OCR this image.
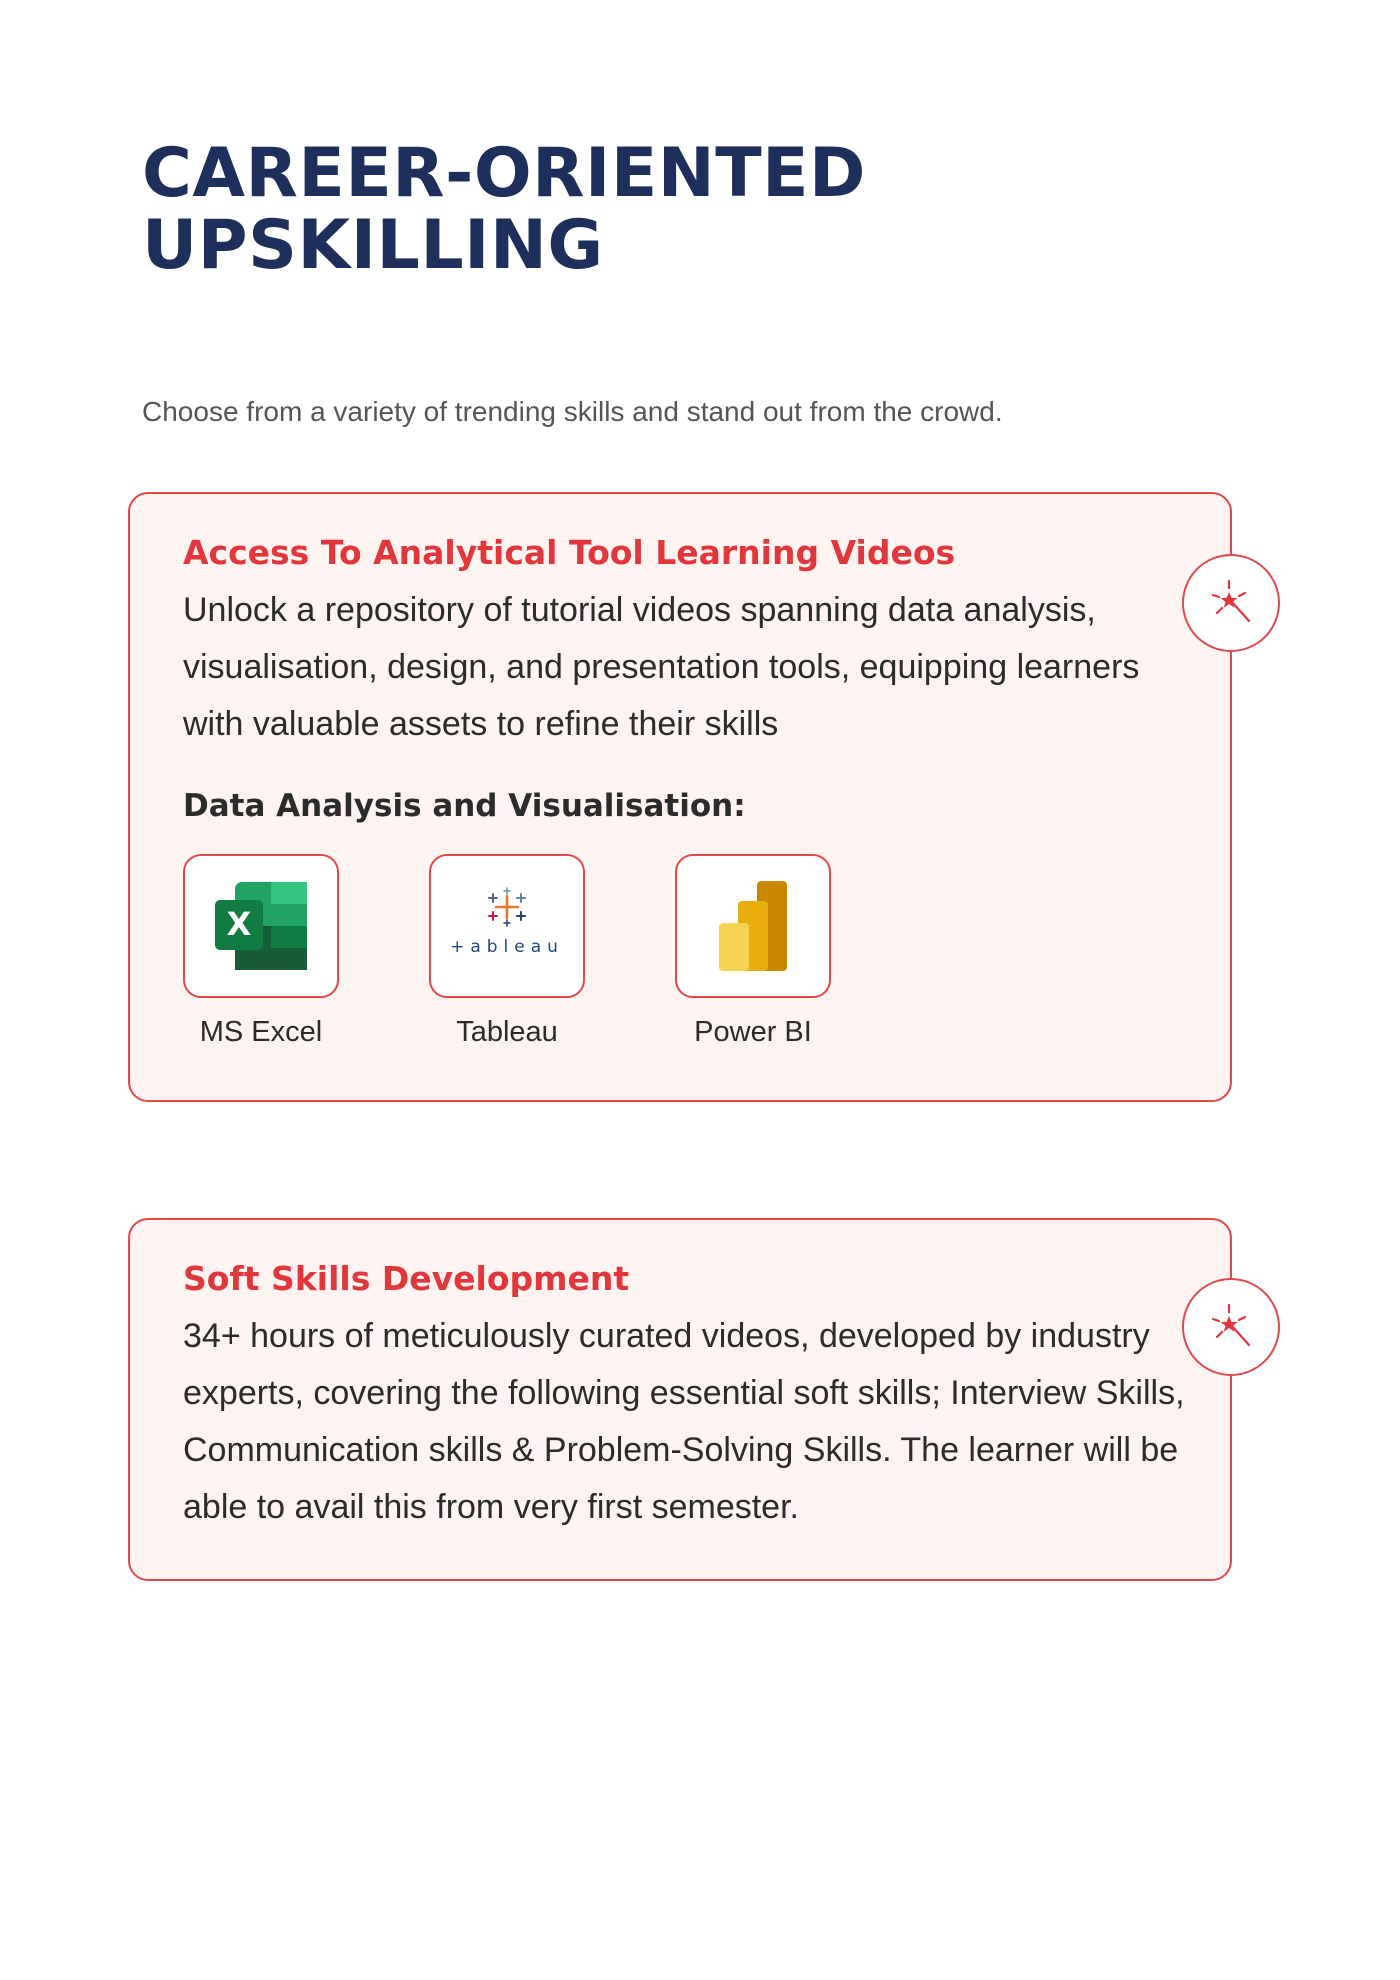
CAREER-ORIENTED
UPSKILLING

Choose from a variety of trending skills and stand out from the crowd.

Access To Analytical Tool Learning Videos

Unlock a repository of tutorial videos spanning data analysis, visualisation, design, and presentation tools, equipping learners with valuable assets to refine their skills

Data Analysis and Visualisation:
X
MS Excel
+ableau
Tableau	Power BI
Soft Skills Development

34+ hours of meticulously curated videos, developed by industry experts, covering the following essential soft skills; Interview Skills, Communication skills & Problem-Solving Skills. The learner will be able to avail this from very first semester.
